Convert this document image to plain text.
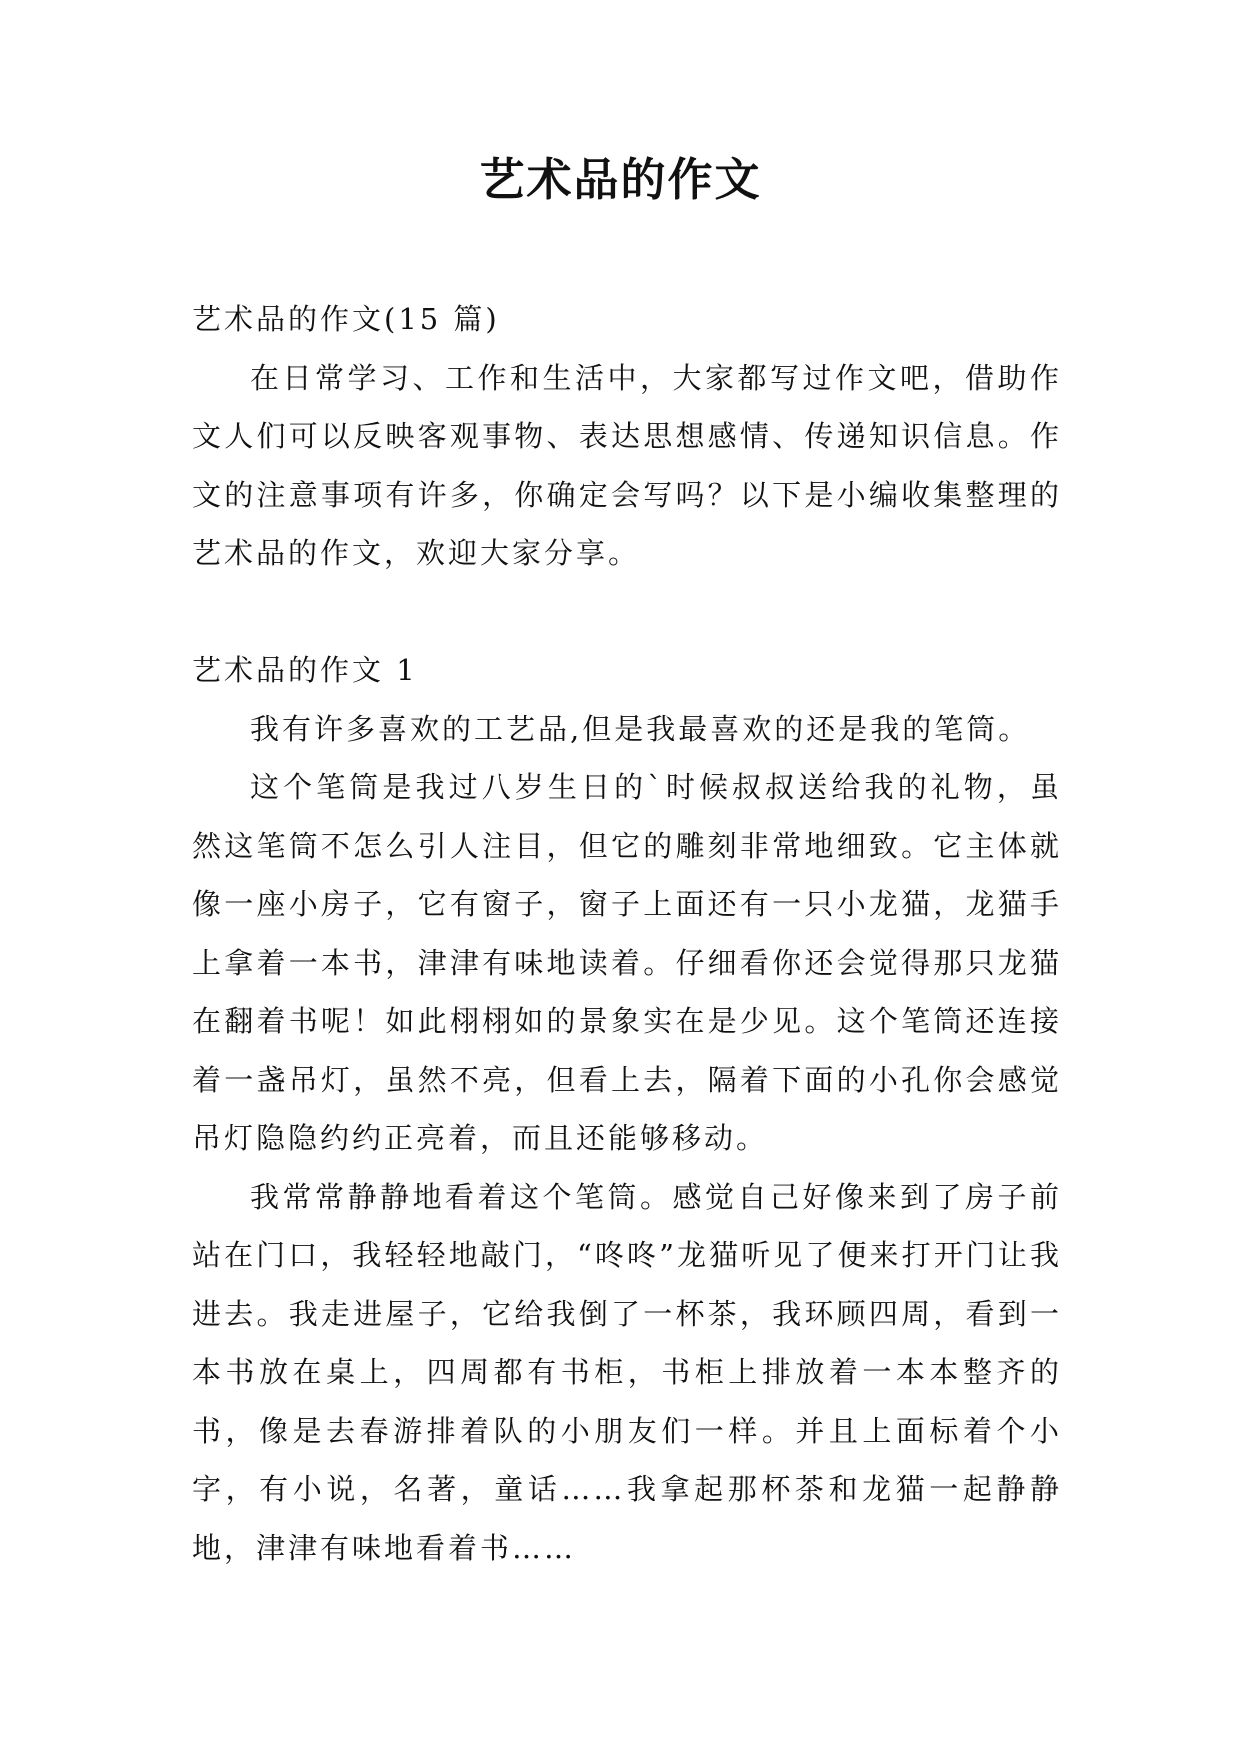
艺术品的作文

艺术品的作文(15 篇)

在日常学习、工作和生活中，大家都写过作文吧，借助作文人们可以反映客观事物、表达思想感情、传递知识信息。作文的注意事项有许多，你确定会写吗？以下是小编收集整理的艺术品的作文，欢迎大家分享。

艺术品的作文 1

我有许多喜欢的工艺品,但是我最喜欢的还是我的笔筒。

这个笔筒是我过八岁生日的`时候叔叔送给我的礼物，虽然这笔筒不怎么引人注目，但它的雕刻非常地细致。它主体就像一座小房子，它有窗子，窗子上面还有一只小龙猫，龙猫手上拿着一本书，津津有味地读着。仔细看你还会觉得那只龙猫在翻着书呢！如此栩栩如的景象实在是少见。这个笔筒还连接着一盏吊灯，虽然不亮，但看上去，隔着下面的小孔你会感觉吊灯隐隐约约正亮着，而且还能够移动。

我常常静静地看着这个笔筒。感觉自己好像来到了房子前站在门口，我轻轻地敲门，“咚咚”龙猫听见了便来打开门让我进去。我走进屋子，它给我倒了一杯茶，我环顾四周，看到一本书放在桌上，四周都有书柜，书柜上排放着一本本整齐的书，像是去春游排着队的小朋友们一样。并且上面标着个小字，有小说，名著，童话……我拿起那杯茶和龙猫一起静静地，津津有味地看着书……
